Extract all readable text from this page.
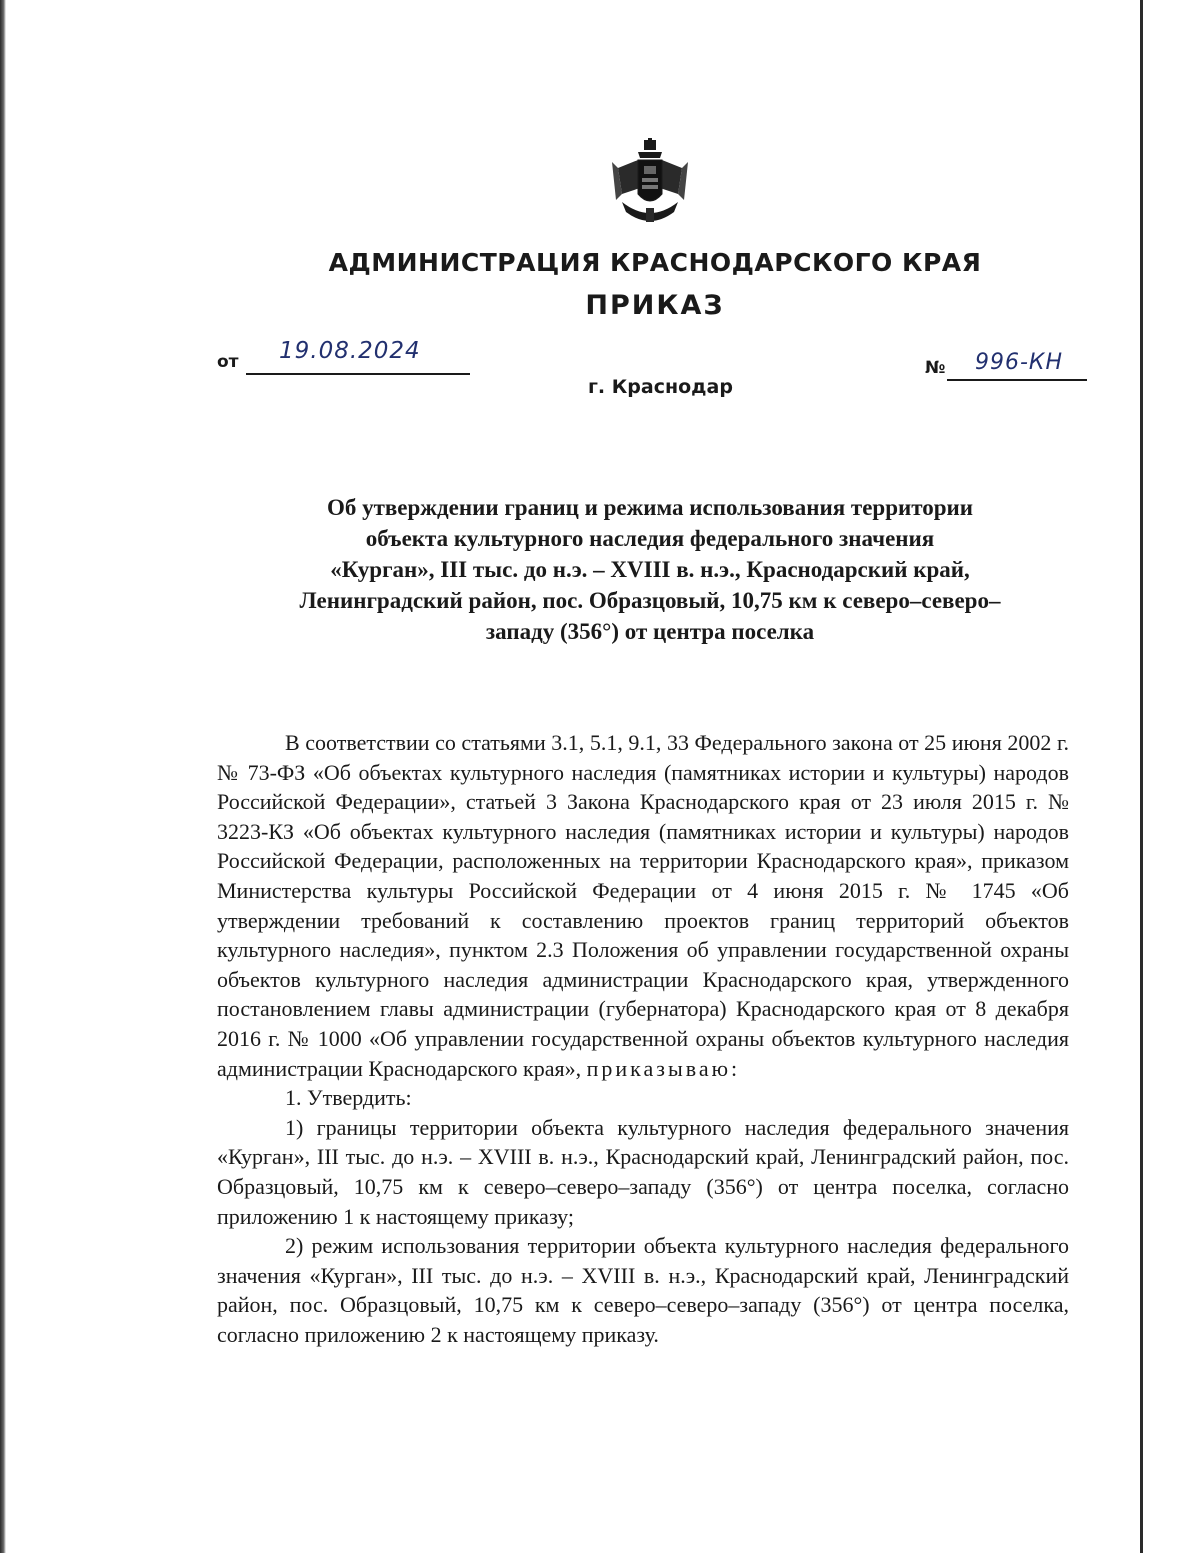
АДМИНИСТРАЦИЯ КРАСНОДАРСКОГО КРАЯ
ПРИКАЗ
от 19.08.2024
г. Краснодар
№ 996-КН
Об утверждении границ и режима использования территории
объекта культурного наследия федерального значения
«Курган», III тыс. до н.э. – XVIII в. н.э., Краснодарский край,
Ленинградский район, пос. Образцовый, 10,75 км к северо–северо–
западу (356°) от центра поселка

В соответствии со статьями 3.1, 5.1, 9.1, 33 Федерального закона от 25 июня 2002 г. № 73-ФЗ «Об объектах культурного наследия (памятниках истории и культуры) народов Российской Федерации», статьей 3 Закона Краснодарского края от 23 июля 2015 г. № 3223-КЗ «Об объектах культурного наследия (памятниках истории и культуры) народов Российской Федерации, расположенных на территории Краснодарского края», приказом Министерства культуры Российской Федерации от 4 июня 2015 г. № 1745 «Об утверждении требований к составлению проектов границ территорий объектов культурного наследия», пунктом 2.3 Положения об управлении государственной охраны объектов культурного наследия администрации Краснодарского края, утвержденного постановлением главы администрации (губернатора) Краснодарского края от 8 декабря 2016 г. № 1000 «Об управлении государственной охраны объектов культурного наследия администрации Краснодарского края», приказываю:

1. Утвердить:

1) границы территории объекта культурного наследия федерального значения «Курган», III тыс. до н.э. – XVIII в. н.э., Краснодарский край, Ленинградский район, пос. Образцовый, 10,75 км к северо–северо–западу (356°) от центра поселка, согласно приложению 1 к настоящему приказу;

2) режим использования территории объекта культурного наследия федерального значения «Курган», III тыс. до н.э. – XVIII в. н.э., Краснодарский край, Ленинградский район, пос. Образцовый, 10,75 км к северо–северо–западу (356°) от центра поселка, согласно приложению 2 к настоящему приказу.
